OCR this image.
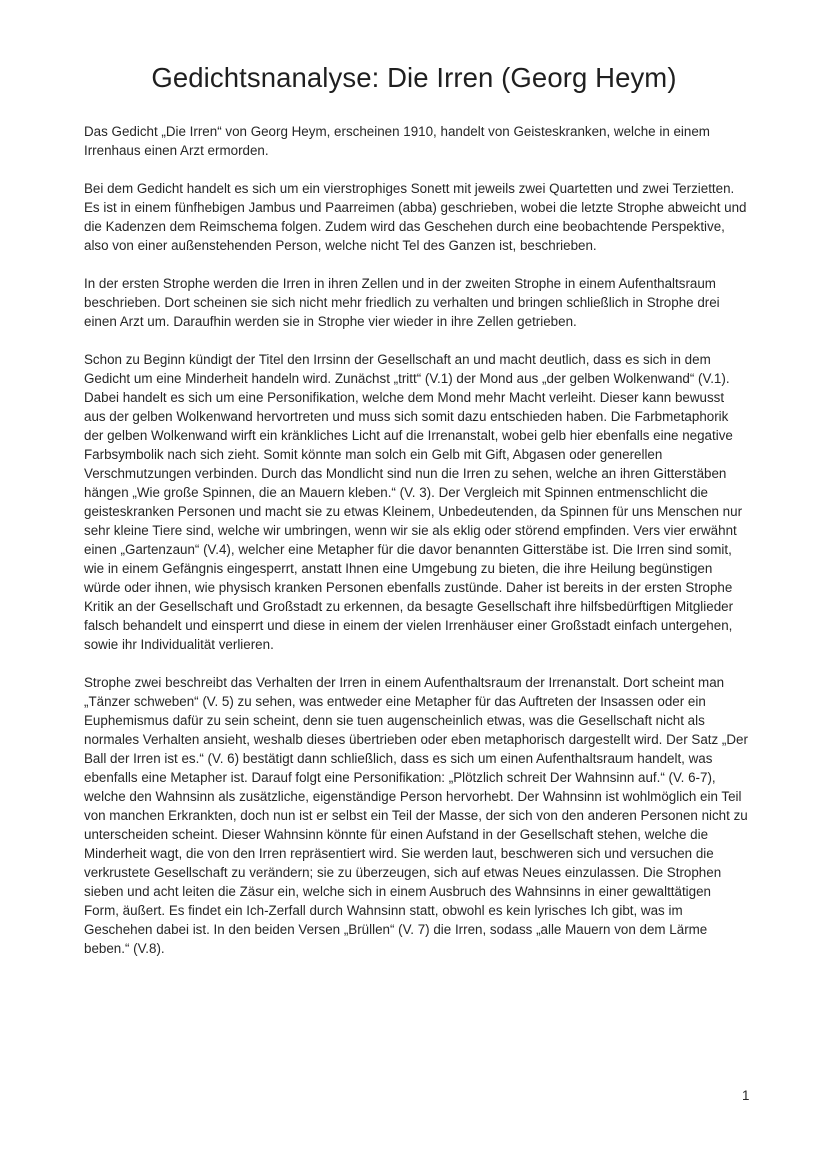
Gedichtsnanalyse: Die Irren (Georg Heym)

Das Gedicht „Die Irren“ von Georg Heym, erscheinen 1910, handelt von Geisteskranken, welche in einem Irrenhaus einen Arzt ermorden.

Bei dem Gedicht handelt es sich um ein vierstrophiges Sonett mit jeweils zwei Quartetten und zwei Terzietten. Es ist in einem fünfhebigen Jambus und Paarreimen (abba) geschrieben, wobei die letzte Strophe abweicht und die Kadenzen dem Reimschema folgen. Zudem wird das Geschehen durch eine beobachtende Perspektive, also von einer außenstehenden Person, welche nicht Tel des Ganzen ist, beschrieben.

In der ersten Strophe werden die Irren in ihren Zellen und in der zweiten Strophe in einem Aufenthaltsraum beschrieben. Dort scheinen sie sich nicht mehr friedlich zu verhalten und bringen schließlich in Strophe drei einen Arzt um. Daraufhin werden sie in Strophe vier wieder in ihre Zellen getrieben.

Schon zu Beginn kündigt der Titel den Irrsinn der Gesellschaft an und macht deutlich, dass es sich in dem Gedicht um eine Minderheit handeln wird. Zunächst „tritt“ (V.1) der Mond aus „der gelben Wolkenwand“ (V.1). Dabei handelt es sich um eine Personifikation, welche dem Mond mehr Macht verleiht. Dieser kann bewusst aus der gelben Wolkenwand hervortreten und muss sich somit dazu entschieden haben. Die Farbmetaphorik der gelben Wolkenwand wirft ein kränkliches Licht auf die Irrenanstalt, wobei gelb hier ebenfalls eine negative Farbsymbolik nach sich zieht. Somit könnte man solch ein Gelb mit Gift, Abgasen oder generellen Verschmutzungen verbinden. Durch das Mondlicht sind nun die Irren zu sehen, welche an ihren Gitterstäben hängen „Wie große Spinnen, die an Mauern kleben.“ (V. 3). Der Vergleich mit Spinnen entmenschlicht die geisteskranken Personen und macht sie zu etwas Kleinem, Unbedeutenden, da Spinnen für uns Menschen nur sehr kleine Tiere sind, welche wir umbringen, wenn wir sie als eklig oder störend empfinden. Vers vier erwähnt einen „Gartenzaun“ (V.4), welcher eine Metapher für die davor benannten Gitterstäbe ist. Die Irren sind somit, wie in einem Gefängnis eingesperrt, anstatt Ihnen eine Umgebung zu bieten, die ihre Heilung begünstigen würde oder ihnen, wie physisch kranken Personen ebenfalls zustünde. Daher ist bereits in der ersten Strophe Kritik an der Gesellschaft und Großstadt zu erkennen, da besagte Gesellschaft ihre hilfsbedürftigen Mitglieder falsch behandelt und einsperrt und diese in einem der vielen Irrenhäuser einer Großstadt einfach untergehen, sowie ihr Individualität verlieren.

Strophe zwei beschreibt das Verhalten der Irren in einem Aufenthaltsraum der Irrenanstalt. Dort scheint man „Tänzer schweben“ (V. 5) zu sehen, was entweder eine Metapher für das Auftreten der Insassen oder ein Euphemismus dafür zu sein scheint, denn sie tuen augenscheinlich etwas, was die Gesellschaft nicht als normales Verhalten ansieht, weshalb dieses übertrieben oder eben metaphorisch dargestellt wird. Der Satz „Der Ball der Irren ist es.“ (V. 6) bestätigt dann schließlich, dass es sich um einen Aufenthaltsraum handelt, was ebenfalls eine Metapher ist. Darauf folgt eine Personifikation: „Plötzlich schreit Der Wahnsinn auf.“ (V. 6-7), welche den Wahnsinn als zusätzliche, eigenständige Person hervorhebt. Der Wahnsinn ist wohlmöglich ein Teil von manchen Erkrankten, doch nun ist er selbst ein Teil der Masse, der sich von den anderen Personen nicht zu unterscheiden scheint. Dieser Wahnsinn könnte für einen Aufstand in der Gesellschaft stehen, welche die Minderheit wagt, die von den Irren repräsentiert wird. Sie werden laut, beschweren sich und versuchen die verkrustete Gesellschaft zu verändern; sie zu überzeugen, sich auf etwas Neues einzulassen. Die Strophen sieben und acht leiten die Zäsur ein, welche sich in einem Ausbruch des Wahnsinns in einer gewalttätigen Form, äußert. Es findet ein Ich-Zerfall durch Wahnsinn statt, obwohl es kein lyrisches Ich gibt, was im Geschehen dabei ist. In den beiden Versen „Brüllen“ (V. 7) die Irren, sodass „alle Mauern von dem Lärme beben.“ (V.8).

1
